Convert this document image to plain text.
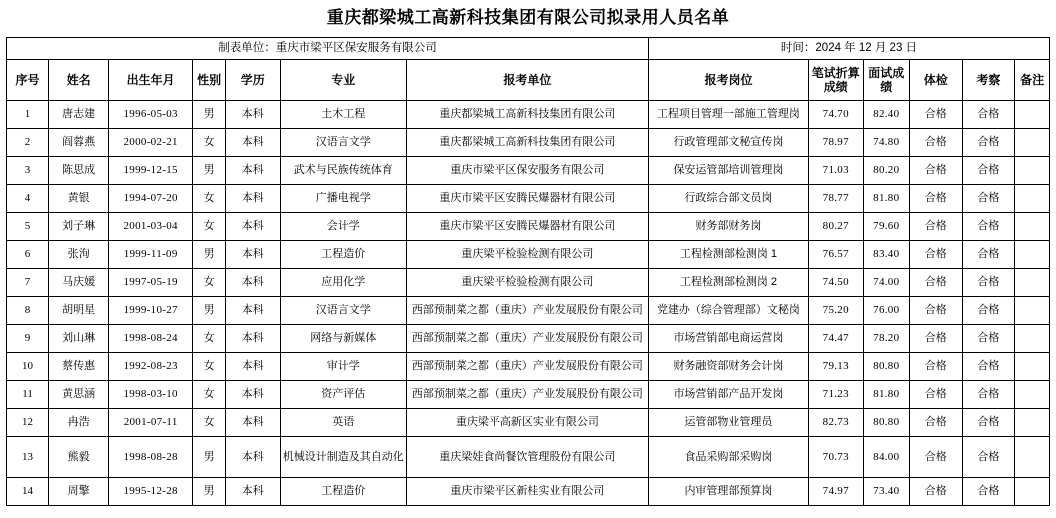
重庆都梁城工高新科技集团有限公司拟录用人员名单
制表单位：重庆市梁平区保安服务有限公司							时间：2024 年 12 月 23 日					
序号	姓名	出生年月	性别	学历	专业	报考单位	报考岗位	笔试折算成绩	面试成绩	体检	考察	备注
1	唐志建	1996-05-03	男	本科	土木工程	重庆都梁城工高新科技集团有限公司	工程项目管理一部施工管理岗	74.70	82.40	合格	合格	
2	阎蓉燕	2000-02-21	女	本科	汉语言文学	重庆都梁城工高新科技集团有限公司	行政管理部文秘宣传岗	78.97	74.80	合格	合格	
3	陈思成	1999-12-15	男	本科	武术与民族传统体育	重庆市梁平区保安服务有限公司	保安运管部培训管理岗	71.03	80.20	合格	合格	
4	黄银	1994-07-20	女	本科	广播电视学	重庆市梁平区安腾民爆器材有限公司	行政综合部文员岗	78.77	81.80	合格	合格	
5	刘子琳	2001-03-04	女	本科	会计学	重庆市梁平区安腾民爆器材有限公司	财务部财务岗	80.27	79.60	合格	合格	
6	张洵	1999-11-09	男	本科	工程造价	重庆梁平检验检测有限公司	工程检测部检测岗 1	76.57	83.40	合格	合格	
7	马庆媛	1997-05-19	女	本科	应用化学	重庆梁平检验检测有限公司	工程检测部检测岗 2	74.50	74.00	合格	合格	
8	胡明星	1999-10-27	男	本科	汉语言文学	西部预制菜之都（重庆）产业发展股份有限公司	党建办（综合管理部）文秘岗	75.20	76.00	合格	合格	
9	刘山琳	1998-08-24	女	本科	网络与新媒体	西部预制菜之都（重庆）产业发展股份有限公司	市场营销部电商运营岗	74.47	78.20	合格	合格	
10	蔡传惠	1992-08-23	女	本科	审计学	西部预制菜之都（重庆）产业发展股份有限公司	财务融资部财务会计岗	79.13	80.80	合格	合格	
11	黄思涵	1998-03-10	女	本科	资产评估	西部预制菜之都（重庆）产业发展股份有限公司	市场营销部产品开发岗	71.23	81.80	合格	合格	
12	冉浩	2001-07-11	女	本科	英语	重庆梁平高新区实业有限公司	运管部物业管理员	82.73	80.80	合格	合格	
13	熊毅	1998-08-28	男	本科	机械设计制造及其自动化	重庆梁娃食尚餐饮管理股份有限公司	食品采购部采购岗	70.73	84.00	合格	合格	
14	周擎	1995-12-28	男	本科	工程造价	重庆市梁平区新桂实业有限公司	内审管理部预算岗	74.97	73.40	合格	合格	
